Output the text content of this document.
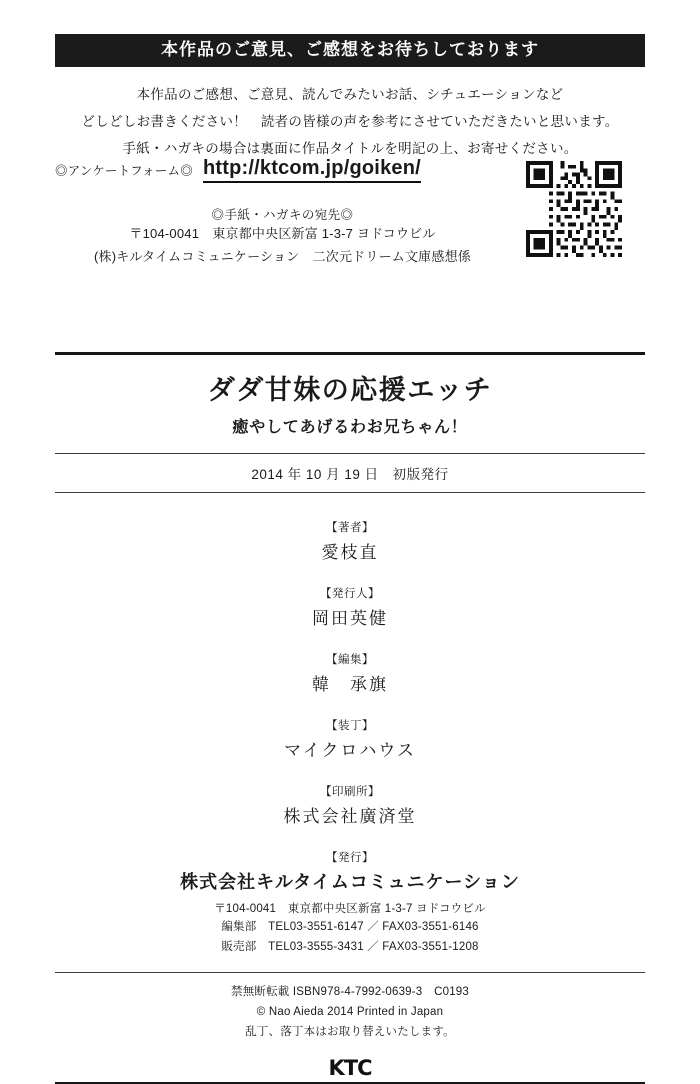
本作品のご意見、ご感想をお待ちしております
本作品のご感想、ご意見、読んでみたいお話、シチュエーションなど
どしどしお書きください！　読者の皆様の声を参考にさせていただきたいと思います。
手紙・ハガキの場合は裏面に作品タイトルを明記の上、お寄せください。
◎アンケートフォーム◎ http://ktcom.jp/goiken/
◎手紙・ハガキの宛先◎
〒104-0041　東京都中央区新富 1-3-7 ヨドコウビル
(株)キルタイムコミュニケーション　二次元ドリーム文庫感想係
ダダ甘妹の応援エッチ
癒やしてあげるわお兄ちゃん！
2014 年 10 月 19 日　初版発行
【著者】
愛枝直
【発行人】
岡田英健
【編集】
韓　承旗
【装丁】
マイクロハウス
【印刷所】
株式会社廣済堂
【発行】
株式会社キルタイムコミュニケーション
〒104-0041　東京都中央区新富 1-3-7 ヨドコウビル
編集部　TEL03-3551-6147 ／ FAX03-3551-6146
販売部　TEL03-3555-3431 ／ FAX03-3551-1208
禁無断転載 ISBN978-4-7992-0639-3　C0193
© Nao Aieda 2014 Printed in Japan
乱丁、落丁本はお取り替えいたします。
KTC
